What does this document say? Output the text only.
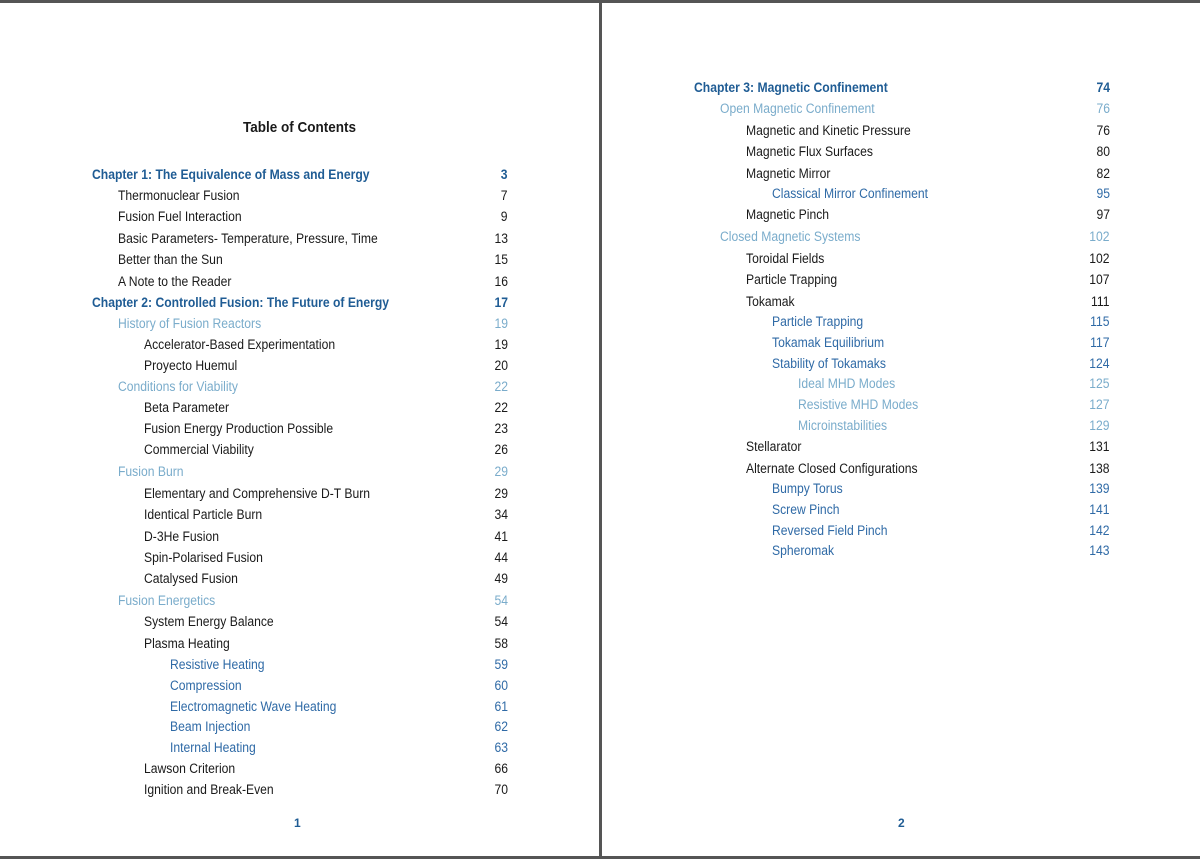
Table of Contents
Chapter 1: The Equivalence of Mass and Energy	3
Thermonuclear Fusion	7
Fusion Fuel Interaction	9
Basic Parameters- Temperature, Pressure, Time	13
Better than the Sun	15
A Note to the Reader	16
Chapter 2: Controlled Fusion: The Future of Energy	17
History of Fusion Reactors	19
Accelerator-Based Experimentation	19
Proyecto Huemul	20
Conditions for Viability	22
Beta Parameter	22
Fusion Energy Production Possible	23
Commercial Viability	26
Fusion Burn	29
Elementary and Comprehensive D-T Burn	29
Identical Particle Burn	34
D-3He Fusion	41
Spin-Polarised Fusion	44
Catalysed Fusion	49
Fusion Energetics	54
System Energy Balance	54
Plasma Heating	58
Resistive Heating	59
Compression	60
Electromagnetic Wave Heating	61
Beam Injection	62
Internal Heating	63
Lawson Criterion	66
Ignition and Break-Even	70
1
Chapter 3: Magnetic Confinement	74
Open Magnetic Confinement	76
Magnetic and Kinetic Pressure	76
Magnetic Flux Surfaces	80
Magnetic Mirror	82
Classical Mirror Confinement	95
Magnetic Pinch	97
Closed Magnetic Systems	102
Toroidal Fields	102
Particle Trapping	107
Tokamak	111
Particle Trapping	115
Tokamak Equilibrium	117
Stability of Tokamaks	124
Ideal MHD Modes	125
Resistive MHD Modes	127
Microinstabilities	129
Stellarator	131
Alternate Closed Configurations	138
Bumpy Torus	139
Screw Pinch	141
Reversed Field Pinch	142
Spheromak	143
2
